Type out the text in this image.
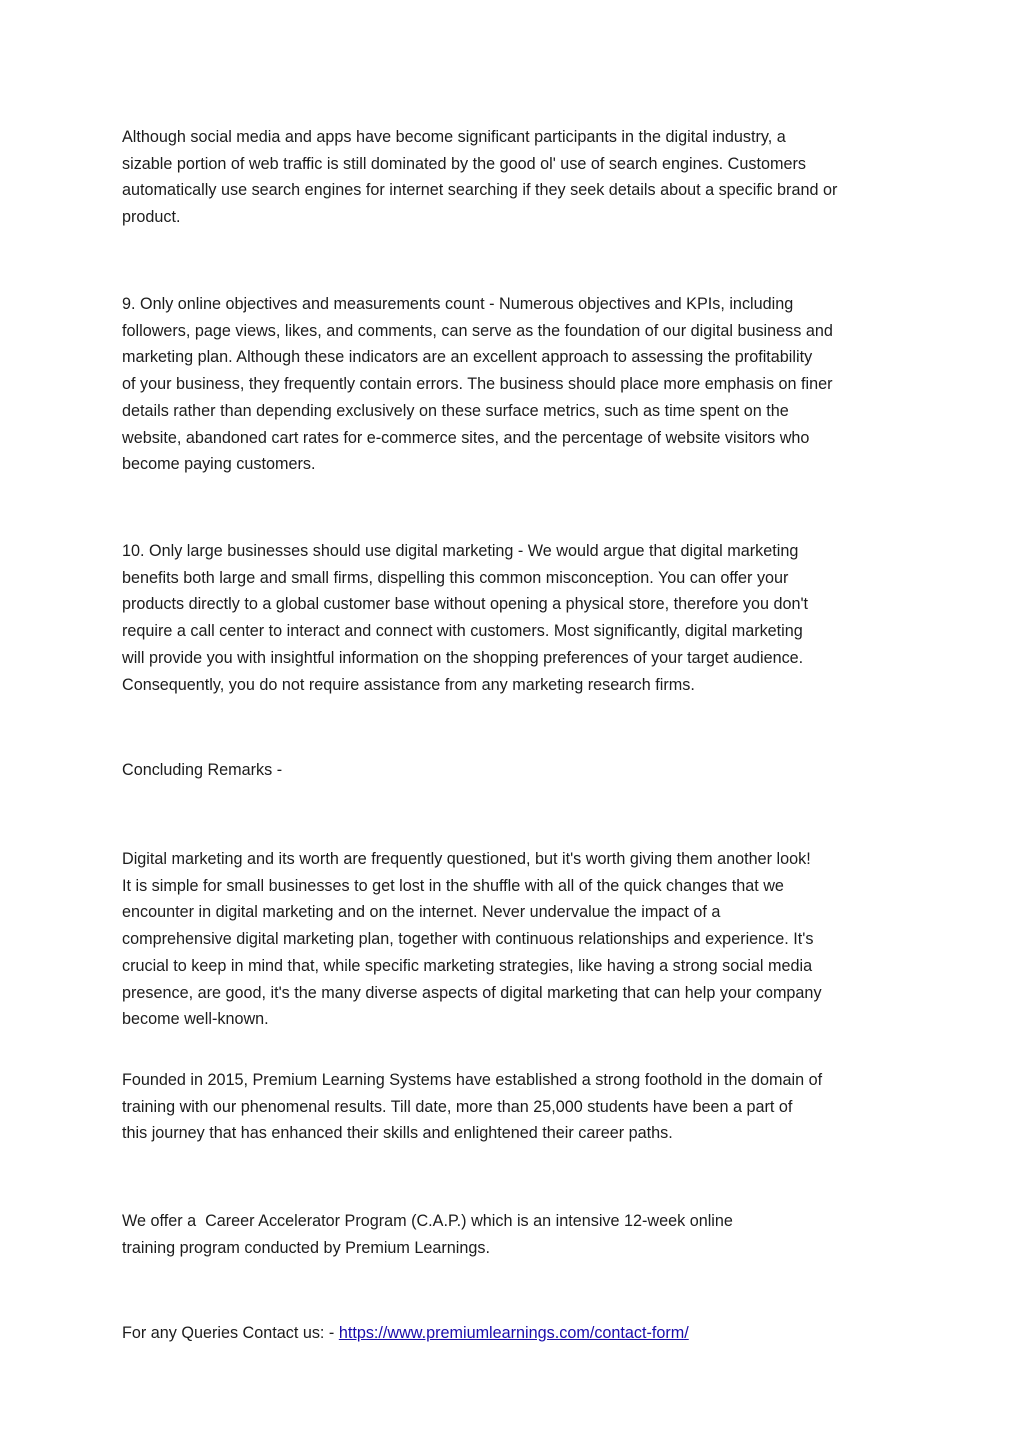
Although social media and apps have become significant participants in the digital industry, a
sizable portion of web traffic is still dominated by the good ol' use of search engines. Customers
automatically use search engines for internet searching if they seek details about a specific brand or
product.

9. Only online objectives and measurements count - Numerous objectives and KPIs, including
followers, page views, likes, and comments, can serve as the foundation of our digital business and
marketing plan. Although these indicators are an excellent approach to assessing the profitability
of your business, they frequently contain errors. The business should place more emphasis on finer
details rather than depending exclusively on these surface metrics, such as time spent on the
website, abandoned cart rates for e-commerce sites, and the percentage of website visitors who
become paying customers.

10. Only large businesses should use digital marketing - We would argue that digital marketing
benefits both large and small firms, dispelling this common misconception. You can offer your
products directly to a global customer base without opening a physical store, therefore you don't
require a call center to interact and connect with customers. Most significantly, digital marketing
will provide you with insightful information on the shopping preferences of your target audience.
Consequently, you do not require assistance from any marketing research firms.

Concluding Remarks -

Digital marketing and its worth are frequently questioned, but it's worth giving them another look!
It is simple for small businesses to get lost in the shuffle with all of the quick changes that we
encounter in digital marketing and on the internet. Never undervalue the impact of a
comprehensive digital marketing plan, together with continuous relationships and experience. It's
crucial to keep in mind that, while specific marketing strategies, like having a strong social media
presence, are good, it's the many diverse aspects of digital marketing that can help your company
become well-known.

Founded in 2015, Premium Learning Systems have established a strong foothold in the domain of
training with our phenomenal results. Till date, more than 25,000 students have been a part of
this journey that has enhanced their skills and enlightened their career paths.

We offer a  Career Accelerator Program (C.A.P.) which is an intensive 12-week online
training program conducted by Premium Learnings.

For any Queries Contact us: - https://www.premiumlearnings.com/contact-form/
